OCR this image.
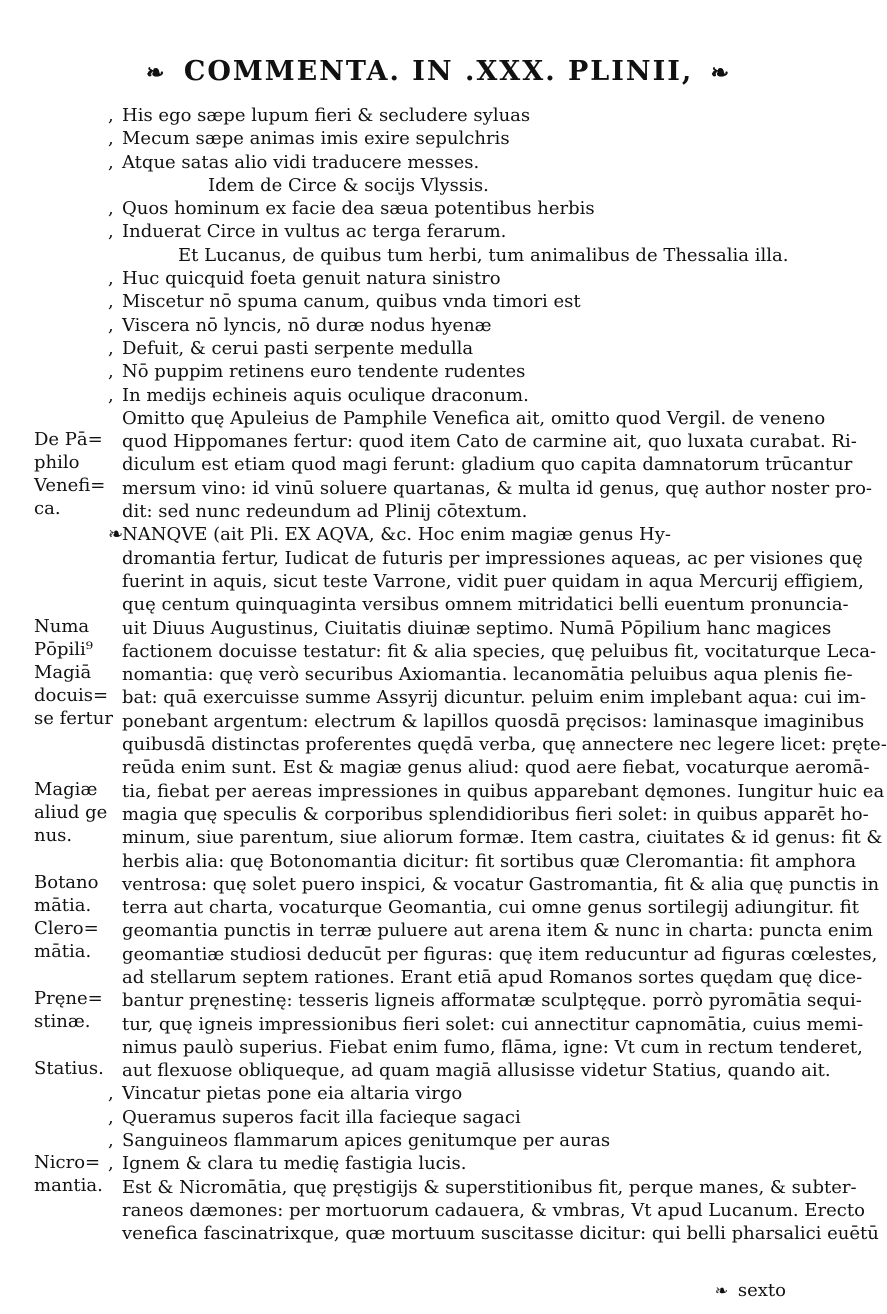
❧ COMMENTA. IN .XXX. PLINII, ❧
, His ego sæpe lupum fieri & secludere syluas
, Mecum sæpe animas imis exire sepulchris
, Atque satas alio vidi traducere messes.
Idem de Circe & socijs Vlyssis.
, Quos hominum ex facie dea sæua potentibus herbis
, Induerat Circe in vultus ac terga ferarum.
Et Lucanus, de quibus tum herbi, tum animalibus de Thessalia illa.
, Huc quicquid foeta genuit natura sinistro
, Miscetur nō spuma canum, quibus vnda timori est
, Viscera nō lyncis, nō duræ nodus hyenæ
, Defuit, & cerui pasti serpente medulla
, Nō puppim retinens euro tendente rudentes
, In medijs echineis aquis oculique draconum.
Omitto quę Apuleius de Pamphile Venefica ait, omitto quod Vergil. de veneno
quod Hippomanes fertur: quod item Cato de carmine ait, quo luxata curabat. Ri-
diculum est etiam quod magi ferunt: gladium quo capita damnatorum trūcantur
mersum vino: id vinū soluere quartanas, & multa id genus, quę author noster pro-
dit: sed nunc redeundum ad Plinij cōtextum.
❧NANQVE (ait Pli. EX AQVA, &c. Hoc enim magiæ genus Hy-
dromantia fertur, Iudicat de futuris per impressiones aqueas, ac per visiones quę
fuerint in aquis, sicut teste Varrone, vidit puer quidam in aqua Mercurij effigiem,
quę centum quinquaginta versibus omnem mitridatici belli euentum pronuncia-
uit Diuus Augustinus, Ciuitatis diuinæ septimo. Numā Pōpilium hanc magices
factionem docuisse testatur: fit & alia species, quę peluibus fit, vocitaturque Leca-
nomantia: quę verò securibus Axiomantia. lecanomātia peluibus aqua plenis fie-
bat: quā exercuisse summe Assyrij dicuntur. peluim enim implebant aqua: cui im-
ponebant argentum: electrum & lapillos quosdā pręcisos: laminasque imaginibus
quibusdā distinctas proferentes quędā verba, quę annectere nec legere licet: pręte-
reūda enim sunt. Est & magiæ genus aliud: quod aere fiebat, vocaturque aeromā-
tia, fiebat per aereas impressiones in quibus apparebant dęmones. Iungitur huic ea
magia quę speculis & corporibus splendidioribus fieri solet: in quibus apparēt ho-
minum, siue parentum, siue aliorum formæ. Item castra, ciuitates & id genus: fit &
herbis alia: quę Botonomantia dicitur: fit sortibus quæ Cleromantia: fit amphora
ventrosa: quę solet puero inspici, & vocatur Gastromantia, fit & alia quę punctis in
terra aut charta, vocaturque Geomantia, cui omne genus sortilegij adiungitur. fit
geomantia punctis in terræ puluere aut arena item & nunc in charta: puncta enim
geomantiæ studiosi deducūt per figuras: quę item reducuntur ad figuras cœlestes,
ad stellarum septem rationes. Erant etiā apud Romanos sortes quędam quę dice-
bantur pręnestinę: tesseris ligneis afformatæ sculptęque. porrò pyromātia sequi-
tur, quę igneis impressionibus fieri solet: cui annectitur capnomātia, cuius memi-
nimus paulò superius. Fiebat enim fumo, flāma, igne: Vt cum in rectum tenderet,
aut flexuose obliqueque, ad quam magiā allusisse videtur Statius, quando ait.
, Vincatur pietas pone eia altaria virgo
, Queramus superos facit illa facieque sagaci
, Sanguineos flammarum apices genitumque per auras
, Ignem & clara tu medię fastigia lucis.
Est & Nicromātia, quę pręstigijs & superstitionibus fit, perque manes, & subter-
raneos dæmones: per mortuorum cadauera, & vmbras, Vt apud Lucanum. Erecto
venefica fascinatrixque, quæ mortuum suscitasse dicitur: qui belli pharsalici euētū
De Pā=
philo
Venefi=
ca.
Numa
Pōpili⁹
Magiā
docuis=
se fertur
Magiæ
aliud ge
nus.
Botano
mātia.
Clero=
mātia.
Pręne=
stinæ.
Statius.
Nicro=
mantia.
❧ sexto
